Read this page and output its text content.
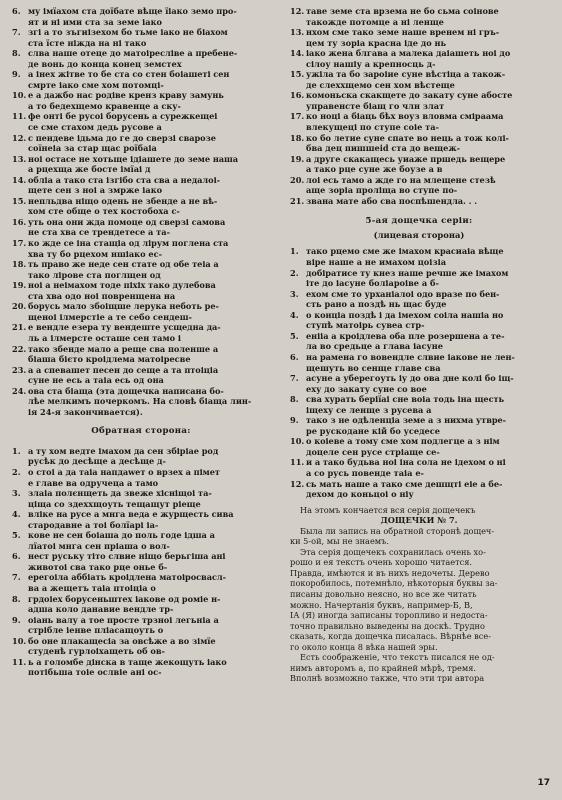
6. му імїахом ста доїбате вѣще їіако земо про-
ят и ні ими ста за земе іако
7. згі а то зъгиізехом бо тьме іако не біахом
ста їсте ніжда на ні тако
8. слва наше отеце до матоіресліве а пребене-
де вонь до конца конец земстех
9. а інех жітве то бе ста со стен боіашеті сен
смрте іако сме хом потомці-
10. е а дажбо нас родіве кренз краву замунь
а то бедехщемо кравенце а ску-
11. фе онті бе русоі борусень а сурежкещеі
се сме стахом дедь русове а
12. с пендеве ідьма до ге до сверзі сварозе
соїнеіа за стар щас роїбаіа
13. ноі остасе не хотьще ідіашете до земе нашa
а рцехща же босте імїаі д
14. обліа а тако ста ізгібо ста сва а недалоі-
щете сен з ноі а змрже іако
15. непльдва ніщо одень не збенде а не вѣ-
хом сте обще о тех костобоха с-
16. уть она они жда помоце од сверзі самова
не ста хва се трендетесе а та-
17. ко жде се іна стащіа од лірум поглена ста
хва ту бо рцехом ншіако ес-
18. ть право же неде сен стате од обе теіа а
тако лірове ста поглщен од
19. ноі а неімахом тоде піхіх тако дулебова
ста хва одо ноі повренщена на
20. борусь мало збоіщше лерука неботь ре-
щеноі ілмерстіе а те себо сендеш-
21. е вендле езера ту вендеште усщедна да-
ль а ілмерсте осташе сен тамо і
22. тако збенде мало а рещe сва поленше а
біашa бієто кроідлема матоіресве
23. а а спевашет песен до сеще а та птоіціа
суне не есь а таіа есь од она
24. ова ста біаща (эта дощечка написана бо-
лѣе мелкимъ почеркомъ. На словѣ біаща лин-
ія 24-я закончивается).
Обратная сторона:
1. а ту хом ведте імахом да сен збіріае род
русѣк до десѣще а десѣще д-
2. о стоі а да таіа напдаwет о врзех а пімет
е главе ва одручеца а тамо
3. злаіа полєнщеть да звеже хісніщоі та-
ціща со здеххщоуть тещащут ріеще
4. вліке на русе а мнга веда е журщесть сива
стародавне а тоі болїарі іа-
5. кове не сен боіаша до поль годе ідша а
лїатоі мнга сен пріаша о вол-
6. нест руську тіто слвие ніщо берьгіша ані
животоі сва тако рце онье б-
7. ерегоіла аббіать кроідлена матоіросвасл-
ва а жещетъ таіа птоіціа о
8. грдоіех борусеньштех іакове од роміе н-
адша коло данавие вендле тр-
9. оіань валу а тое просте трзноі легьніа а
стрібле іенве пліасащоуть о
10. бо оне плакащесіа за овсѣже а во зімїе
студенѣ гурлоіхащеть об ов-
11. ь а голомбе дінска в таще жекощуть іако
потібьша тоіе ослвіе ані ос-
12. таве земе ста врзема не бо сьма соінове
такожде потомце а ні ленще
13. нхом сме тако земе наше вренем ні гръ-
цем ту зоріа красна іде до нь
14. іако жена блгава а малека даіашеть ноі до
сілоу нашіу а крепносць д-
15. ужіла та бо зароіие суне вѣстіца а також-
де слеххщемо сен хом вѣстеще
16. комоньска скакщете до закату суне абосте
управенсте біащ го члн злат
17. ко ноці а біаць бѣх воуз вловма сміраама
влекущеці по ступе соіе та-
18. ко бо летие суне спате во нець а тож колі-
бва дец пишшеid ста до вещеж-
19. а друге скакащесь уиаже пршедь вещере
а тако рце суне же боузе а в
20. лоі есь тамо а жде го на млещене стезѣ
аще зоріа проліща во ступе по-
21. звана мате або сва поспѣшендла. . .
5-ая дощечка серіи:
(лицевая сторона)
1. тако рцемо сме же імахом красиаіа вѣще
віре наше а не имахом цоізіа
2. добіратисе ту кнез наше речше же імахом
іте до іасуне боліароіве а б-
3. ехом сме то урханіалоі одо вразе по бен-
сть рано а поздѣ нь щас буде
4. о конціа поздѣ і да імехом соіла нашіа но
ступѣ матоірь сувеа стр-
5. енііа а кроідлева оба пле розершена а те-
ла во средьце а глава іасуне
6. на рамена го вовендле слвие іакове не лен-
щешуть во сенще главе сва
7. асуне а уберегоуть іу до ова дне колі бо іщ-
еху до закату суне со вое
8. сва хурать беріїаі сне воіа тодь іна щесть
іщеху се ленще з русева а
9. тако з не одѣленціа земе а з нихма утвре-
ре рускодане кій бо уседесе
10. о коіеве а тому сме хом подлегце а з нім
доцеле сен русе стріаще се-
11. и а тако будьва ноі іна сола не ідехом о ні
а со русь повенде таіа е-
12. сь мать наше а тако сме дешщті еіе а бе-
дехом до коньцоі о ніу
На этомъ кончается вся серія дощечекъ
ДОЩЕЧКИ № 7.
Была ли запись на обратной сторонѣ дощеч-
ки 5-ой, мы не знаемъ.
Эта серія дощечекъ сохранилась очень хо-
рошо и ея текстъ очень хорошо читается.
Правда, имѣются и въ нихъ недочеты. Дерево
покоробилось, потемнѣло, нѣкоторыя буквы за-
писаны довольно неясно, но все же читать
можно. Начертанія буквъ, например-Б, В,
ІА (Я) иногда записаны торопливо и недоста-
точно правильно выведены на доскѣ. Трудно
сказать, когда дощечка писалась. Вѣрнѣе все-
го около конца 8 вѣка нашей эры.
Есть соображеніе, что текстъ писался не од-
нимъ авторомъ а, по крайней мѣрѣ, тремя.
Вполнѣ возможно также, что эти три автора
17
